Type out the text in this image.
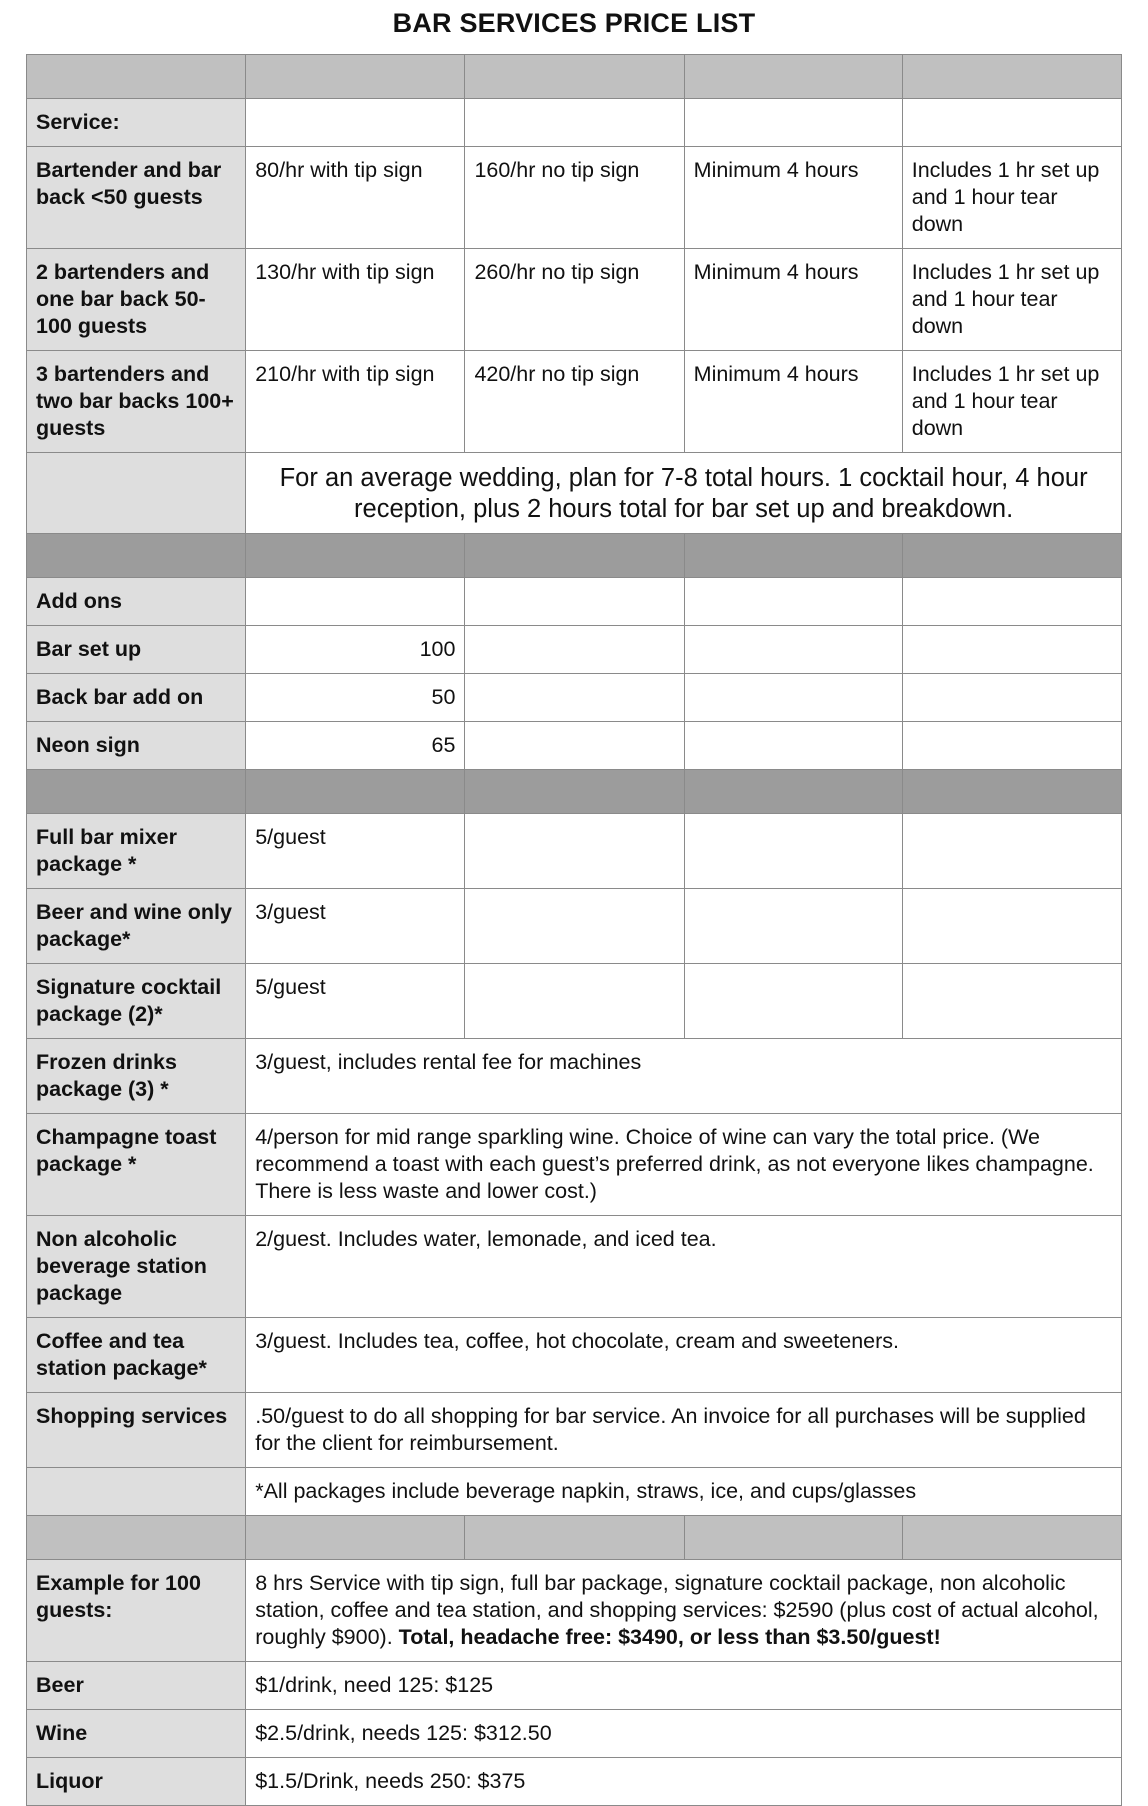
BAR SERVICES PRICE LIST

Service:				
Bartender and bar back <50 guests	80/hr with tip sign	160/hr no tip sign	Minimum 4 hours	Includes 1 hr set up and 1 hour tear down
2 bartenders and one bar back 50-100 guests	130/hr with tip sign	260/hr no tip sign	Minimum 4 hours	Includes 1 hr set up and 1 hour tear down
3 bartenders and two bar backs 100+ guests	210/hr with tip sign	420/hr no tip sign	Minimum 4 hours	Includes 1 hr set up and 1 hour tear down
	For an average wedding, plan for 7-8 total hours. 1 cocktail hour, 4 hour reception, plus 2 hours total for bar set up and breakdown.			

Add ons				
Bar set up	100			
Back bar add on	50			
Neon sign	65			

Full bar mixer package *	5/guest			
Beer and wine only package*	3/guest			
Signature cocktail package (2)*	5/guest			
Frozen drinks package (3) *	3/guest, includes rental fee for machines			
Champagne toast package *	4/person for mid range sparkling wine. Choice of wine can vary the total price. (We recommend a toast with each guest’s preferred drink, as not everyone likes champagne. There is less waste and lower cost.)			
Non alcoholic beverage station package	2/guest. Includes water, lemonade, and iced tea.			
Coffee and tea station package*	3/guest. Includes tea, coffee, hot chocolate, cream and sweeteners.			
Shopping services	.50/guest to do all shopping for bar service. An invoice for all purchases will be supplied for the client for reimbursement.			
	*All packages include beverage napkin, straws, ice, and cups/glasses			

Example for 100 guests:	8 hrs Service with tip sign, full bar package, signature cocktail package, non alcoholic station, coffee and tea station, and shopping services: $2590 (plus cost of actual alcohol, roughly $900). Total, headache free: $3490, or less than $3.50/guest!			
Beer	$1/drink, need 125: $125			
Wine	$2.5/drink, needs 125: $312.50			
Liquor	$1.5/Drink, needs 250: $375			
